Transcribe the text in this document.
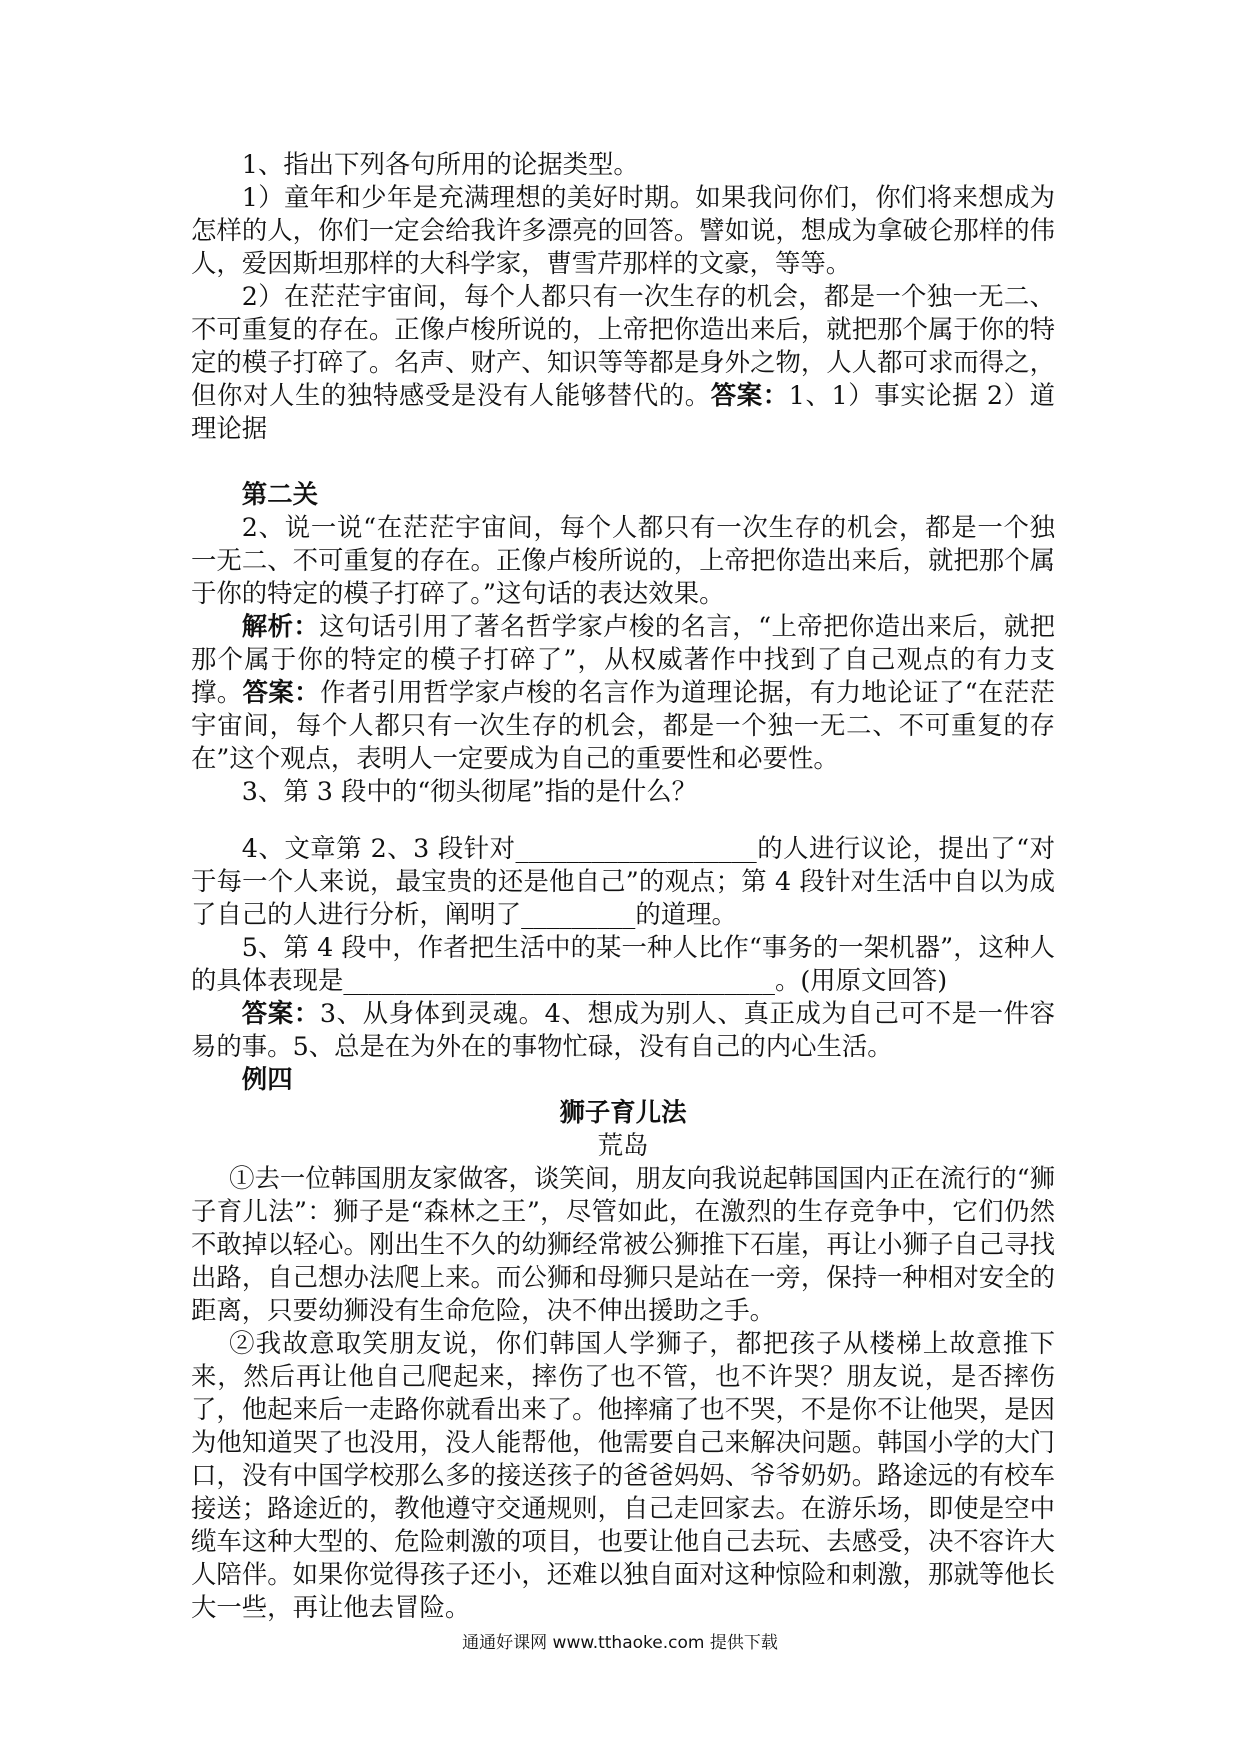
1、指出下列各句所用的论据类型。

1）童年和少年是充满理想的美好时期。如果我问你们，你们将来想成为怎样的人，你们一定会给我许多漂亮的回答。譬如说，想成为拿破仑那样的伟人，爱因斯坦那样的大科学家，曹雪芹那样的文豪，等等。

2）在茫茫宇宙间，每个人都只有一次生存的机会，都是一个独一无二、不可重复的存在。正像卢梭所说的，上帝把你造出来后，就把那个属于你的特定的模子打碎了。名声、财产、知识等等都是身外之物，人人都可求而得之，但你对人生的独特感受是没有人能够替代的。答案：1、1）事实论据 2）道理论据

第二关

2、说一说“在茫茫宇宙间，每个人都只有一次生存的机会，都是一个独一无二、不可重复的存在。正像卢梭所说的，上帝把你造出来后，就把那个属于你的特定的模子打碎了。”这句话的表达效果。

解析：这句话引用了著名哲学家卢梭的名言，“上帝把你造出来后，就把那个属于你的特定的模子打碎了”，从权威著作中找到了自己观点的有力支撑。答案：作者引用哲学家卢梭的名言作为道理论据，有力地论证了“在茫茫宇宙间，每个人都只有一次生存的机会，都是一个独一无二、不可重复的存在”这个观点，表明人一定要成为自己的重要性和必要性。

3、第 3 段中的“彻头彻尾”指的是什么？

4、文章第 2、3 段针对___________________的人进行议论，提出了“对于每一个人来说，最宝贵的还是他自己”的观点；第 4 段针对生活中自以为成了自己的人进行分析，阐明了_________的道理。

5、第 4 段中，作者把生活中的某一种人比作“事务的一架机器”，这种人的具体表现是__________________________________。(用原文回答)

答案：3、从身体到灵魂。4、想成为别人、真正成为自己可不是一件容易的事。5、总是在为外在的事物忙碌，没有自己的内心生活。

例四

狮子育儿法

荒岛

①去一位韩国朋友家做客，谈笑间，朋友向我说起韩国国内正在流行的“狮子育儿法”：狮子是“森林之王”，尽管如此，在激烈的生存竞争中，它们仍然不敢掉以轻心。刚出生不久的幼狮经常被公狮推下石崖，再让小狮子自己寻找出路，自己想办法爬上来。而公狮和母狮只是站在一旁，保持一种相对安全的距离，只要幼狮没有生命危险，决不伸出援助之手。

②我故意取笑朋友说，你们韩国人学狮子，都把孩子从楼梯上故意推下来，然后再让他自己爬起来，摔伤了也不管，也不许哭？朋友说，是否摔伤了，他起来后一走路你就看出来了。他摔痛了也不哭，不是你不让他哭，是因为他知道哭了也没用，没人能帮他，他需要自己来解决问题。韩国小学的大门口，没有中国学校那么多的接送孩子的爸爸妈妈、爷爷奶奶。路途远的有校车接送；路途近的，教他遵守交通规则，自己走回家去。在游乐场，即使是空中缆车这种大型的、危险刺激的项目，也要让他自己去玩、去感受，决不容许大人陪伴。如果你觉得孩子还小，还难以独自面对这种惊险和刺激，那就等他长大一些，再让他去冒险。

通通好课网 www.tthaoke.com 提供下载
